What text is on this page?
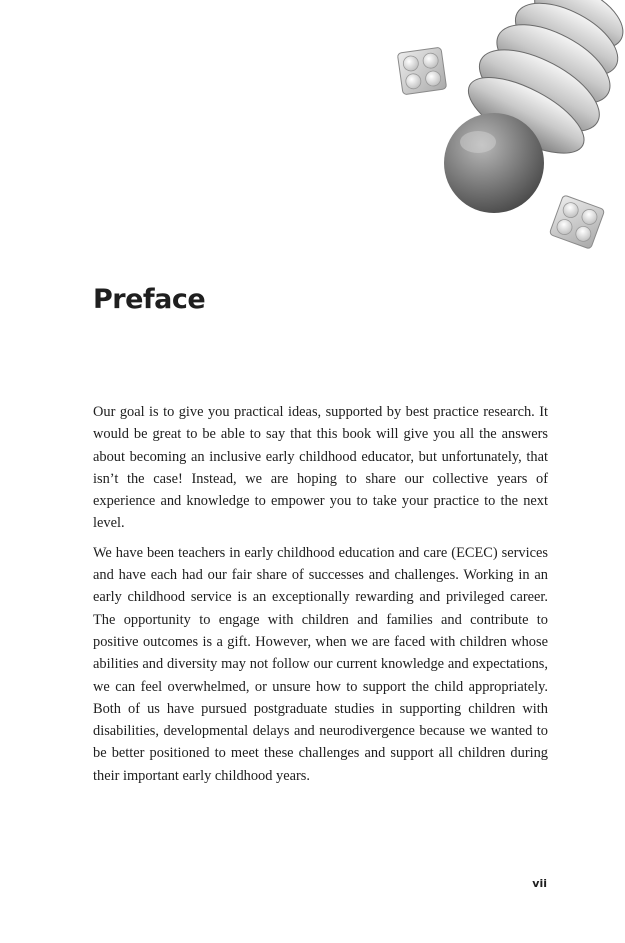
Preface

Our goal is to give you practical ideas, supported by best practice research. It would be great to be able to say that this book will give you all the answers about becoming an inclusive early childhood educator, but unfortunately, that isn’t the case! Instead, we are hoping to share our collective years of experience and knowledge to empower you to take your practice to the next level.

We have been teachers in early childhood education and care (ECEC) services and have each had our fair share of successes and challenges. Working in an early childhood service is an exceptionally rewarding and privileged career. The opportunity to engage with children and families and contribute to positive outcomes is a gift. However, when we are faced with children whose abilities and diversity may not follow our current knowledge and expectations, we can feel overwhelmed, or unsure how to support the child appropriately. Both of us have pursued postgraduate studies in supporting children with disabilities, developmental delays and neurodivergence because we wanted to be better positioned to meet these challenges and support all children during their important early childhood years.

vii
